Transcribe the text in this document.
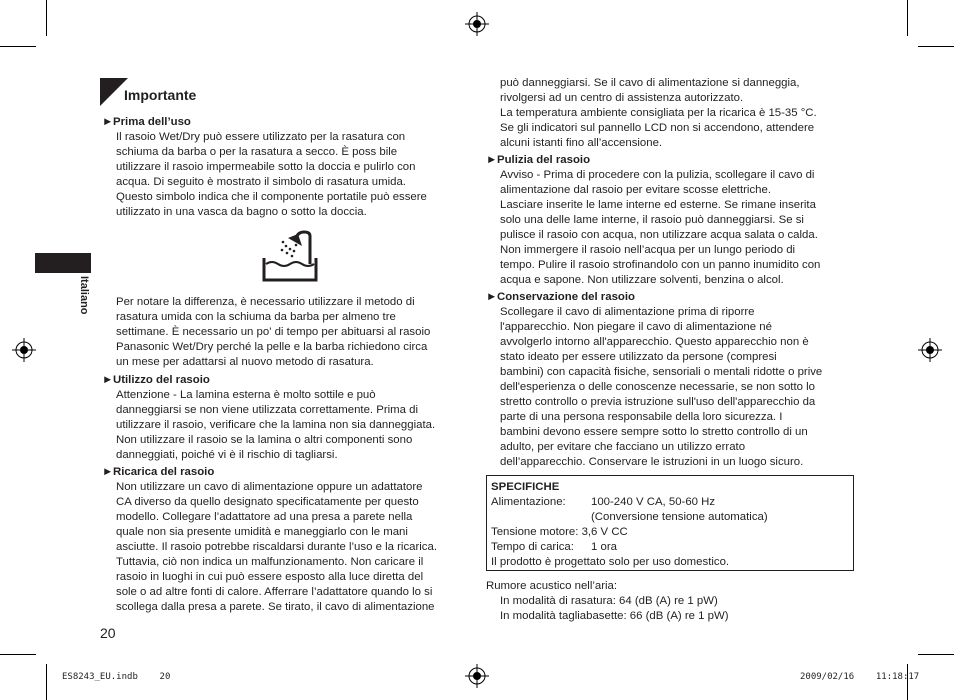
Italiano
Importante
►Prima dell’uso
Il rasoio Wet/Dry può essere utilizzato per la rasatura con
schiuma da barba o per la rasatura a secco. È poss bile
utilizzare il rasoio impermeabile sotto la doccia e pulirlo con
acqua. Di seguito è mostrato il simbolo di rasatura umida.
Questo simbolo indica che il componente portatile può essere
utilizzato in una vasca da bagno o sotto la doccia.
Per notare la differenza, è necessario utilizzare il metodo di
rasatura umida con la schiuma da barba per almeno tre
settimane. È necessario un po' di tempo per abituarsi al rasoio
Panasonic Wet/Dry perché la pelle e la barba richiedono circa
un mese per adattarsi al nuovo metodo di rasatura.
►Utilizzo del rasoio
Attenzione - La lamina esterna è molto sottile e può
danneggiarsi se non viene utilizzata correttamente. Prima di
utilizzare il rasoio, verificare che la lamina non sia danneggiata.
Non utilizzare il rasoio se la lamina o altri componenti sono
danneggiati, poiché vi è il rischio di tagliarsi.
►Ricarica del rasoio
Non utilizzare un cavo di alimentazione oppure un adattatore
CA diverso da quello designato specificatamente per questo
modello. Collegare l’adattatore ad una presa a parete nella
quale non sia presente umidità e maneggiarlo con le mani
asciutte. Il rasoio potrebbe riscaldarsi durante l’uso e la ricarica.
Tuttavia, ciò non indica un malfunzionamento. Non caricare il
rasoio in luoghi in cui può essere esposto alla luce diretta del
sole o ad altre fonti di calore. Afferrare l’adattatore quando lo si
scollega dalla presa a parete. Se tirato, il cavo di alimentazione
20
può danneggiarsi. Se il cavo di alimentazione si danneggia,
rivolgersi ad un centro di assistenza autorizzato.
La temperatura ambiente consigliata per la ricarica è 15-35 °C.
Se gli indicatori sul pannello LCD non si accendono, attendere
alcuni istanti fino all’accensione.
►Pulizia del rasoio
Avviso - Prima di procedere con la pulizia, scollegare il cavo di
alimentazione dal rasoio per evitare scosse elettriche.
Lasciare inserite le lame interne ed esterne. Se rimane inserita
solo una delle lame interne, il rasoio può danneggiarsi. Se si
pulisce il rasoio con acqua, non utilizzare acqua salata o calda.
Non immergere il rasoio nell’acqua per un lungo periodo di
tempo. Pulire il rasoio strofinandolo con un panno inumidito con
acqua e sapone. Non utilizzare solventi, benzina o alcol.
►Conservazione del rasoio
Scollegare il cavo di alimentazione prima di riporre
l'apparecchio. Non piegare il cavo di alimentazione né
avvolgerlo intorno all'apparecchio. Questo apparecchio non è
stato ideato per essere utilizzato da persone (compresi
bambini) con capacità fisiche, sensoriali o mentali ridotte o prive
dell'esperienza o delle conoscenze necessarie, se non sotto lo
stretto controllo o previa istruzione sull'uso dell'apparecchio da
parte di una persona responsabile della loro sicurezza. I
bambini devono essere sempre sotto lo stretto controllo di un
adulto, per evitare che facciano un utilizzo errato
dell’apparecchio. Conservare le istruzioni in un luogo sicuro.
SPECIFICHE
Alimentazione: 100-240 V CA, 50-60 Hz
(Conversione tensione automatica)
Tensione motore: 3,6 V CC
Tempo di carica: 1 ora
Il prodotto è progettato solo per uso domestico.
Rumore acustico nell’aria:
In modalità di rasatura: 64 (dB (A) re 1 pW)
In modalità tagliabasette: 66 (dB (A) re 1 pW)
ES8243_EU.indb    20	2009/02/16    11:18:17
